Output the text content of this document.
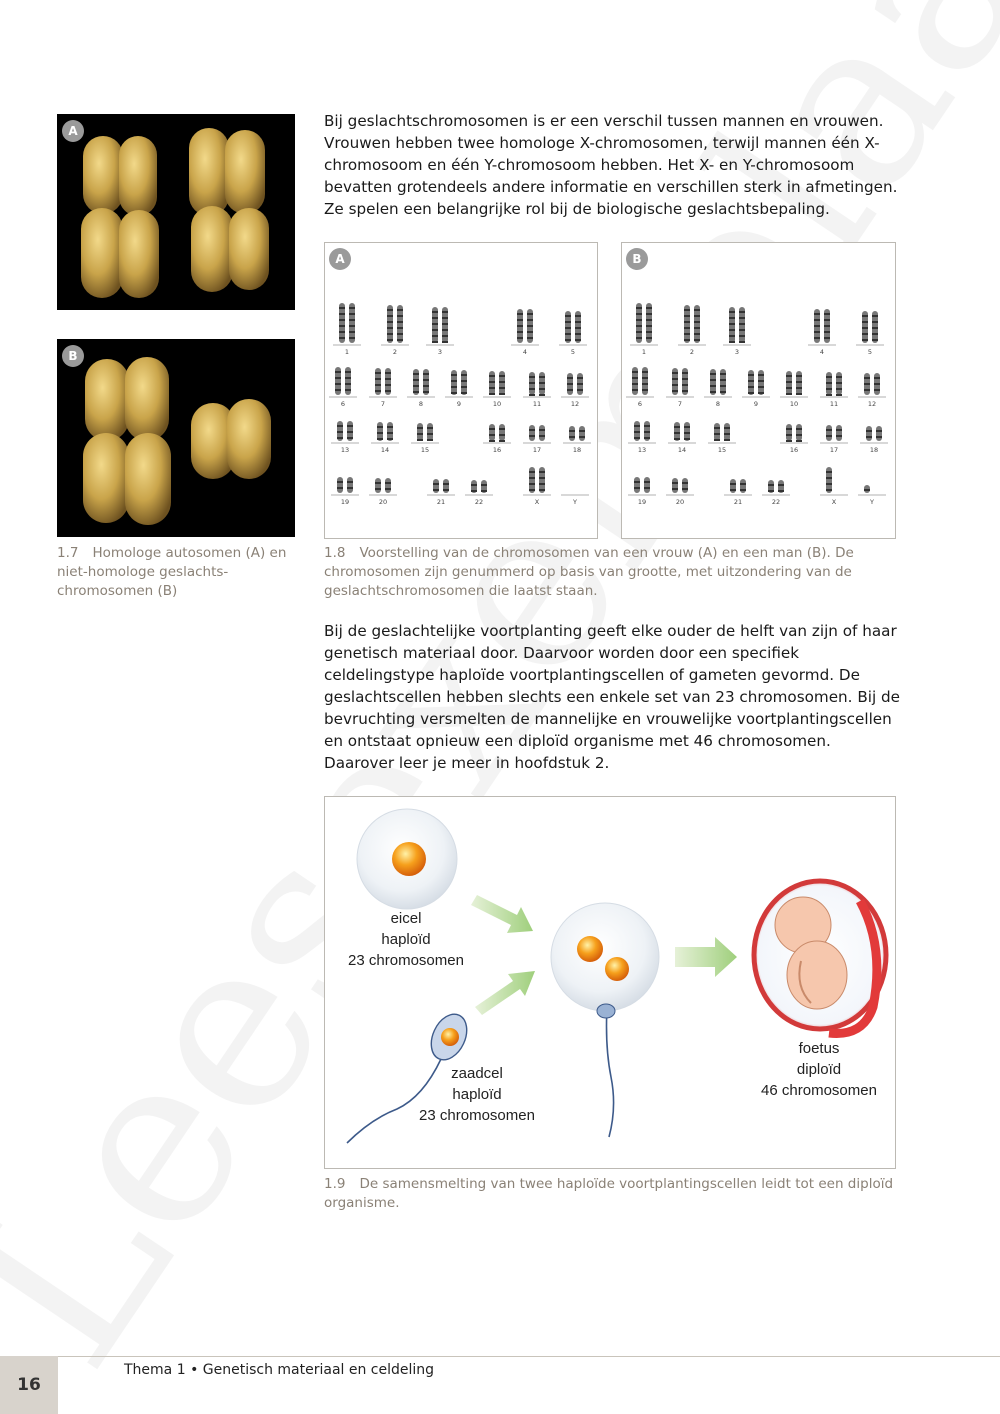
A
B
1.7 Homologe autosomen (A) en niet-homologe geslachtschromosomen (B)

Bij geslachtschromosomen is er een verschil tussen mannen en vrouwen. Vrouwen hebben twee homologe X-chromosomen, terwijl mannen één X-chromosoom en één Y-chromosoom hebben. Het X- en Y-chromosoom bevatten grotendeels andere informatie en verschillen sterk in afmetingen. Ze spelen een belangrijke rol bij de biologische geslachtsbepaling.

1	2	3	4	5
6	7	8	9	10	11	12
13	14	15	16	17	18
19	20	21	22	X	Y
A
1	2	3	4	5
6	7	8	9	10	11	12
13	14	15	16	17	18
19	20	21	22	X	Y
B
1.8 Voorstelling van de chromosomen van een vrouw (A) en een man (B). De chromosomen zijn genummerd op basis van grootte, met uitzondering van de geslachtschromosomen die laatst staan.

Bij de geslachtelijke voortplanting geeft elke ouder de helft van zijn of haar genetisch materiaal door. Daarvoor worden door een specifiek celdelingstype haploïde voortplantingscellen of gameten gevormd. De geslachtscellen hebben slechts een enkele set van 23 chromosomen. Bij de bevruchting versmelten de mannelijke en vrouwelijke voortplantingscellen en ontstaat opnieuw een diploïd organisme met 46 chromosomen. Daarover leer je meer in hoofdstuk 2.

eicel
haploïd
23 chromosomen
zaadcel
haploïd
23 chromosomen
foetus
diploïd
46 chromosomen
1.9 De samensmelting van twee haploïde voortplantingscellen leidt tot een diploïd organisme.
16
Thema 1 • Genetisch materiaal en celdeling
